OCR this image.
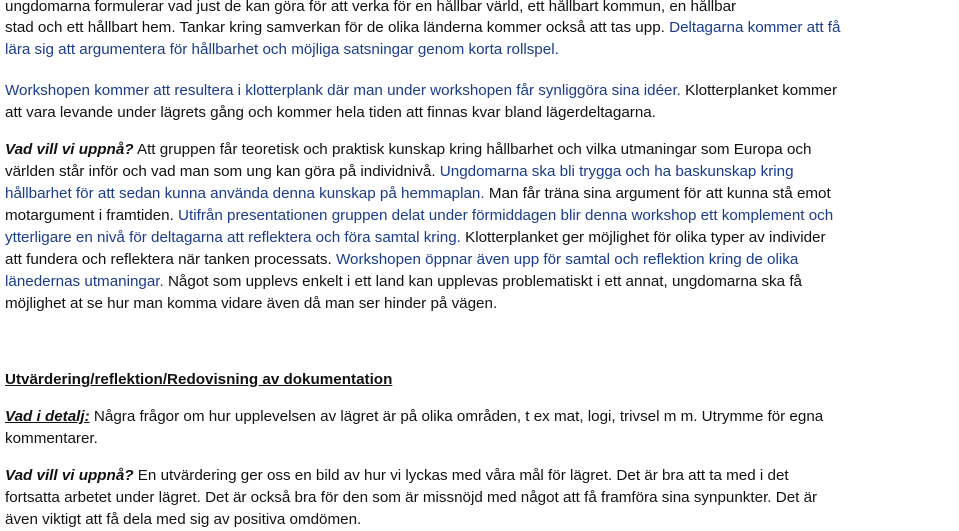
ungdomarna formulerar vad just de kan göra för att verka för en hållbar värld, ett hållbart kommun, en hållbar
stad och ett hållbart hem. Tankar kring samverkan för de olika länderna kommer också att tas upp. Deltagarna kommer att få
lära sig att argumentera för hållbarhet och möjliga satsningar genom korta rollspel.
Workshopen kommer att resultera i klotterplank där man under workshopen får synliggöra sina idéer. Klotterplanket kommer
att vara levande under lägrets gång och kommer hela tiden att finnas kvar bland lägerdeltagarna.
Vad vill vi uppnå? Att gruppen får teoretisk och praktisk kunskap kring hållbarhet och vilka utmaningar som Europa och
världen står inför och vad man som ung kan göra på individnivå. Ungdomarna ska bli trygga och ha baskunskap kring
hållbarhet för att sedan kunna använda denna kunskap på hemmaplan. Man får träna sina argument för att kunna stå emot
motargument i framtiden. Utifrån presentationen gruppen delat under förmiddagen blir denna workshop ett komplement och
ytterligare en nivå för deltagarna att reflektera och föra samtal kring. Klotterplanket ger möjlighet för olika typer av individer
att fundera och reflektera när tanken processats. Workshopen öppnar även upp för samtal och reflektion kring de olika
länedernas utmaningar. Något som upplevs enkelt i ett land kan upplevas problematiskt i ett annat, ungdomarna ska få
möjlighet at se hur man komma vidare även då man ser hinder på vägen.
Utvärdering/reflektion/Redovisning av dokumentation
Vad i detalj: Några frågor om hur upplevelsen av lägret är på olika områden, t ex mat, logi, trivsel m m. Utrymme för egna
kommentarer.
Vad vill vi uppnå? En utvärdering ger oss en bild av hur vi lyckas med våra mål för lägret. Det är bra att ta med i det
fortsatta arbetet under lägret. Det är också bra för den som är missnöjd med något att få framföra sina synpunkter. Det är
även viktigt att få dela med sig av positiva omdömen.
